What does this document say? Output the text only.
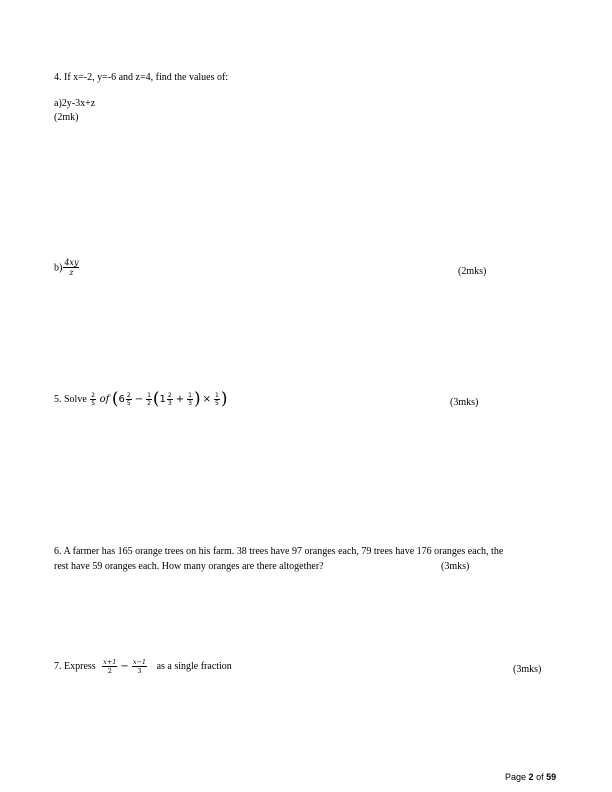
4. If x=-2, y=-6 and z=4, find the values of:
a)2y-3x+z
(2mk)
$b) \frac{4xy}{z}$	(2mks)
5. Solve $\frac{2}{5}$ of ($6 \frac{2}{5} - \frac{1}{2} (1 \frac{2}{3} + \frac{1}{3}$ ) × $\frac{1}{5}$ )	(3mks)
6. A farmer has 165 orange trees on his farm. 38 trees have 97 oranges each, 79 trees have 176 oranges each, the
rest have 59 oranges each. How many oranges are there altogether?	(3mks)
7. Express $\frac{x+1}{2} - \frac{x-1}{3}$ as a single fraction	(3mks)
Page 2 of 59
